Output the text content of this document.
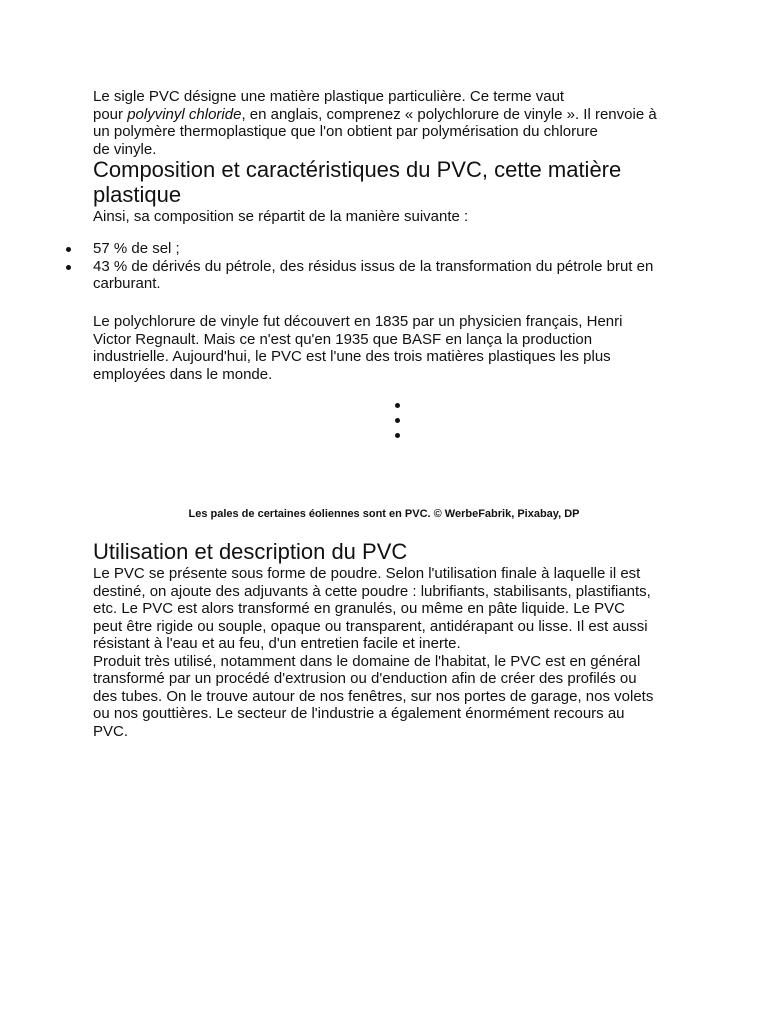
Le sigle PVC désigne une matière plastique particulière. Ce terme vaut
pour polyvinyl chloride, en anglais, comprenez « polychlorure de vinyle ». Il renvoie à
un polymère thermoplastique que l'on obtient par polymérisation du chlorure
de vinyle.

Composition et caractéristiques du PVC, cette matière
plastique

Ainsi, sa composition se répartit de la manière suivante :

57 % de sel ;
43 % de dérivés du pétrole, des résidus issus de la transformation du pétrole brut en
carburant.

Le polychlorure de vinyle fut découvert en 1835 par un physicien français, Henri
Victor Regnault. Mais ce n'est qu'en 1935 que BASF en lança la production
industrielle. Aujourd'hui, le PVC est l'une des trois matières plastiques les plus
employées dans le monde.

Les pales de certaines éoliennes sont en PVC. © WerbeFabrik, Pixabay, DP
Utilisation et description du PVC

Le PVC se présente sous forme de poudre. Selon l'utilisation finale à laquelle il est
destiné, on ajoute des adjuvants à cette poudre : lubrifiants, stabilisants, plastifiants,
etc. Le PVC est alors transformé en granulés, ou même en pâte liquide. Le PVC
peut être rigide ou souple, opaque ou transparent, antidérapant ou lisse. Il est aussi
résistant à l'eau et au feu, d'un entretien facile et inerte.
Produit très utilisé, notamment dans le domaine de l'habitat, le PVC est en général
transformé par un procédé d'extrusion ou d'enduction afin de créer des profilés ou
des tubes. On le trouve autour de nos fenêtres, sur nos portes de garage, nos volets
ou nos gouttières. Le secteur de l'industrie a également énormément recours au
PVC.
